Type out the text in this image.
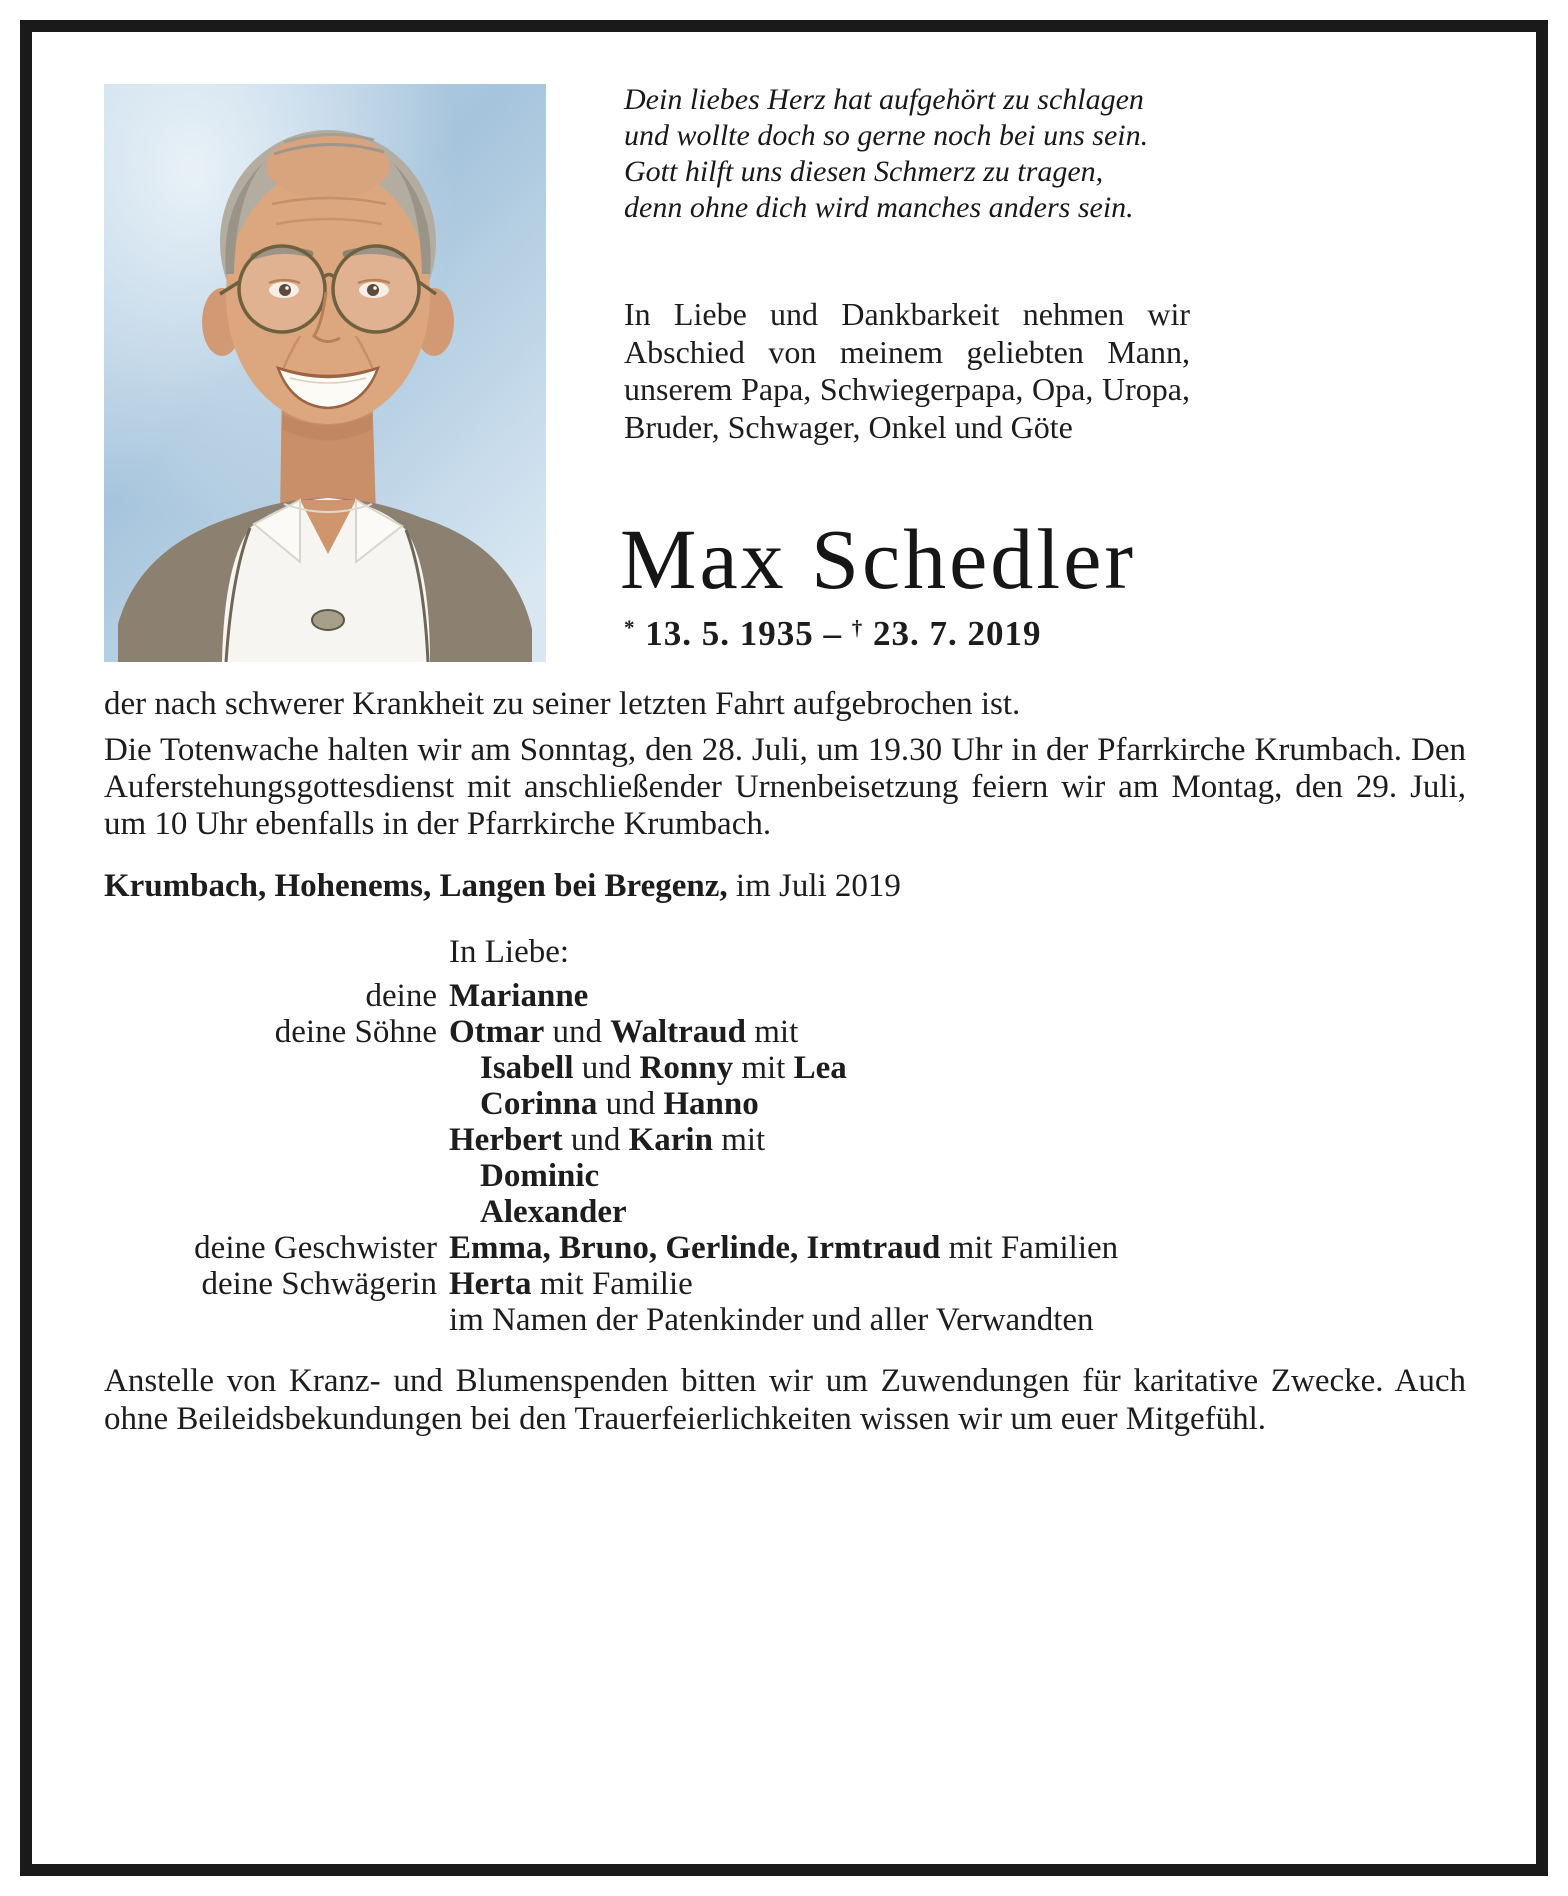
Dein liebes Herz hat aufgehört zu schlagen
und wollte doch so gerne noch bei uns sein.
Gott hilft uns diesen Schmerz zu tragen,
denn ohne dich wird manches anders sein.

In Liebe und Dankbarkeit nehmen wir Abschied von meinem geliebten Mann, unserem Papa, Schwiegerpapa, Opa, Uropa, Bruder, Schwager, Onkel und Göte

Max Schedler
* 13. 5. 1935 – † 23. 7. 2019

der nach schwerer Krankheit zu seiner letzten Fahrt aufgebrochen ist.

Die Totenwache halten wir am Sonntag, den 28. Juli, um 19.30 Uhr in der Pfarrkirche Krumbach. Den Auferstehungsgottesdienst mit anschließender Urnenbeisetzung feiern wir am Montag, den 29. Juli, um 10 Uhr ebenfalls in der Pfarrkirche Krumbach.

Krumbach, Hohenems, Langen bei Bregenz, im Juli 2019

In Liebe:

deine Marianne
deine Söhne Otmar und Waltraud mit
Isabell und Ronny mit Lea
Corinna und Hanno
Herbert und Karin mit
Dominic
Alexander
deine Geschwister Emma, Bruno, Gerlinde, Irmtraud mit Familien
deine Schwägerin Herta mit Familie
im Namen der Patenkinder und aller Verwandten

Anstelle von Kranz- und Blumenspenden bitten wir um Zuwendungen für karitative Zwecke. Auch ohne Beileidsbekundungen bei den Trauerfeierlichkeiten wissen wir um euer Mitgefühl.
